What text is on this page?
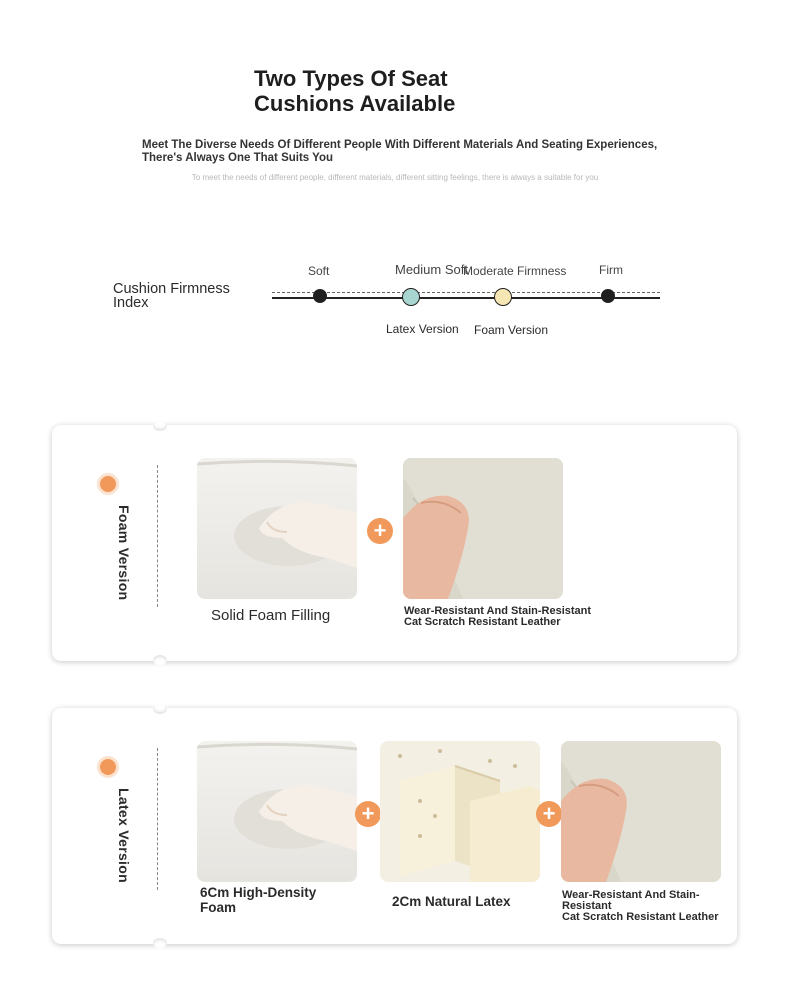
Two Types Of Seat
Cushions Available
Meet The Diverse Needs Of Different People With Different Materials And Seating Experiences, There's Always One That Suits You
To meet the needs of different people, different materials, different sitting feelings, there is always a suitable for you
Cushion Firmness
Index
Soft	Medium Soft
Moderate Firmness	Firm
Latex Version Foam Version
Foam Version	+
Solid Foam Filling	Wear-Resistant And Stain-Resistant
Cat Scratch Resistant Leather
Latex Version	+	+
6Cm High-Density
Foam	2Cm Natural Latex	Wear-Resistant And Stain-Resistant
Cat Scratch Resistant Leather
